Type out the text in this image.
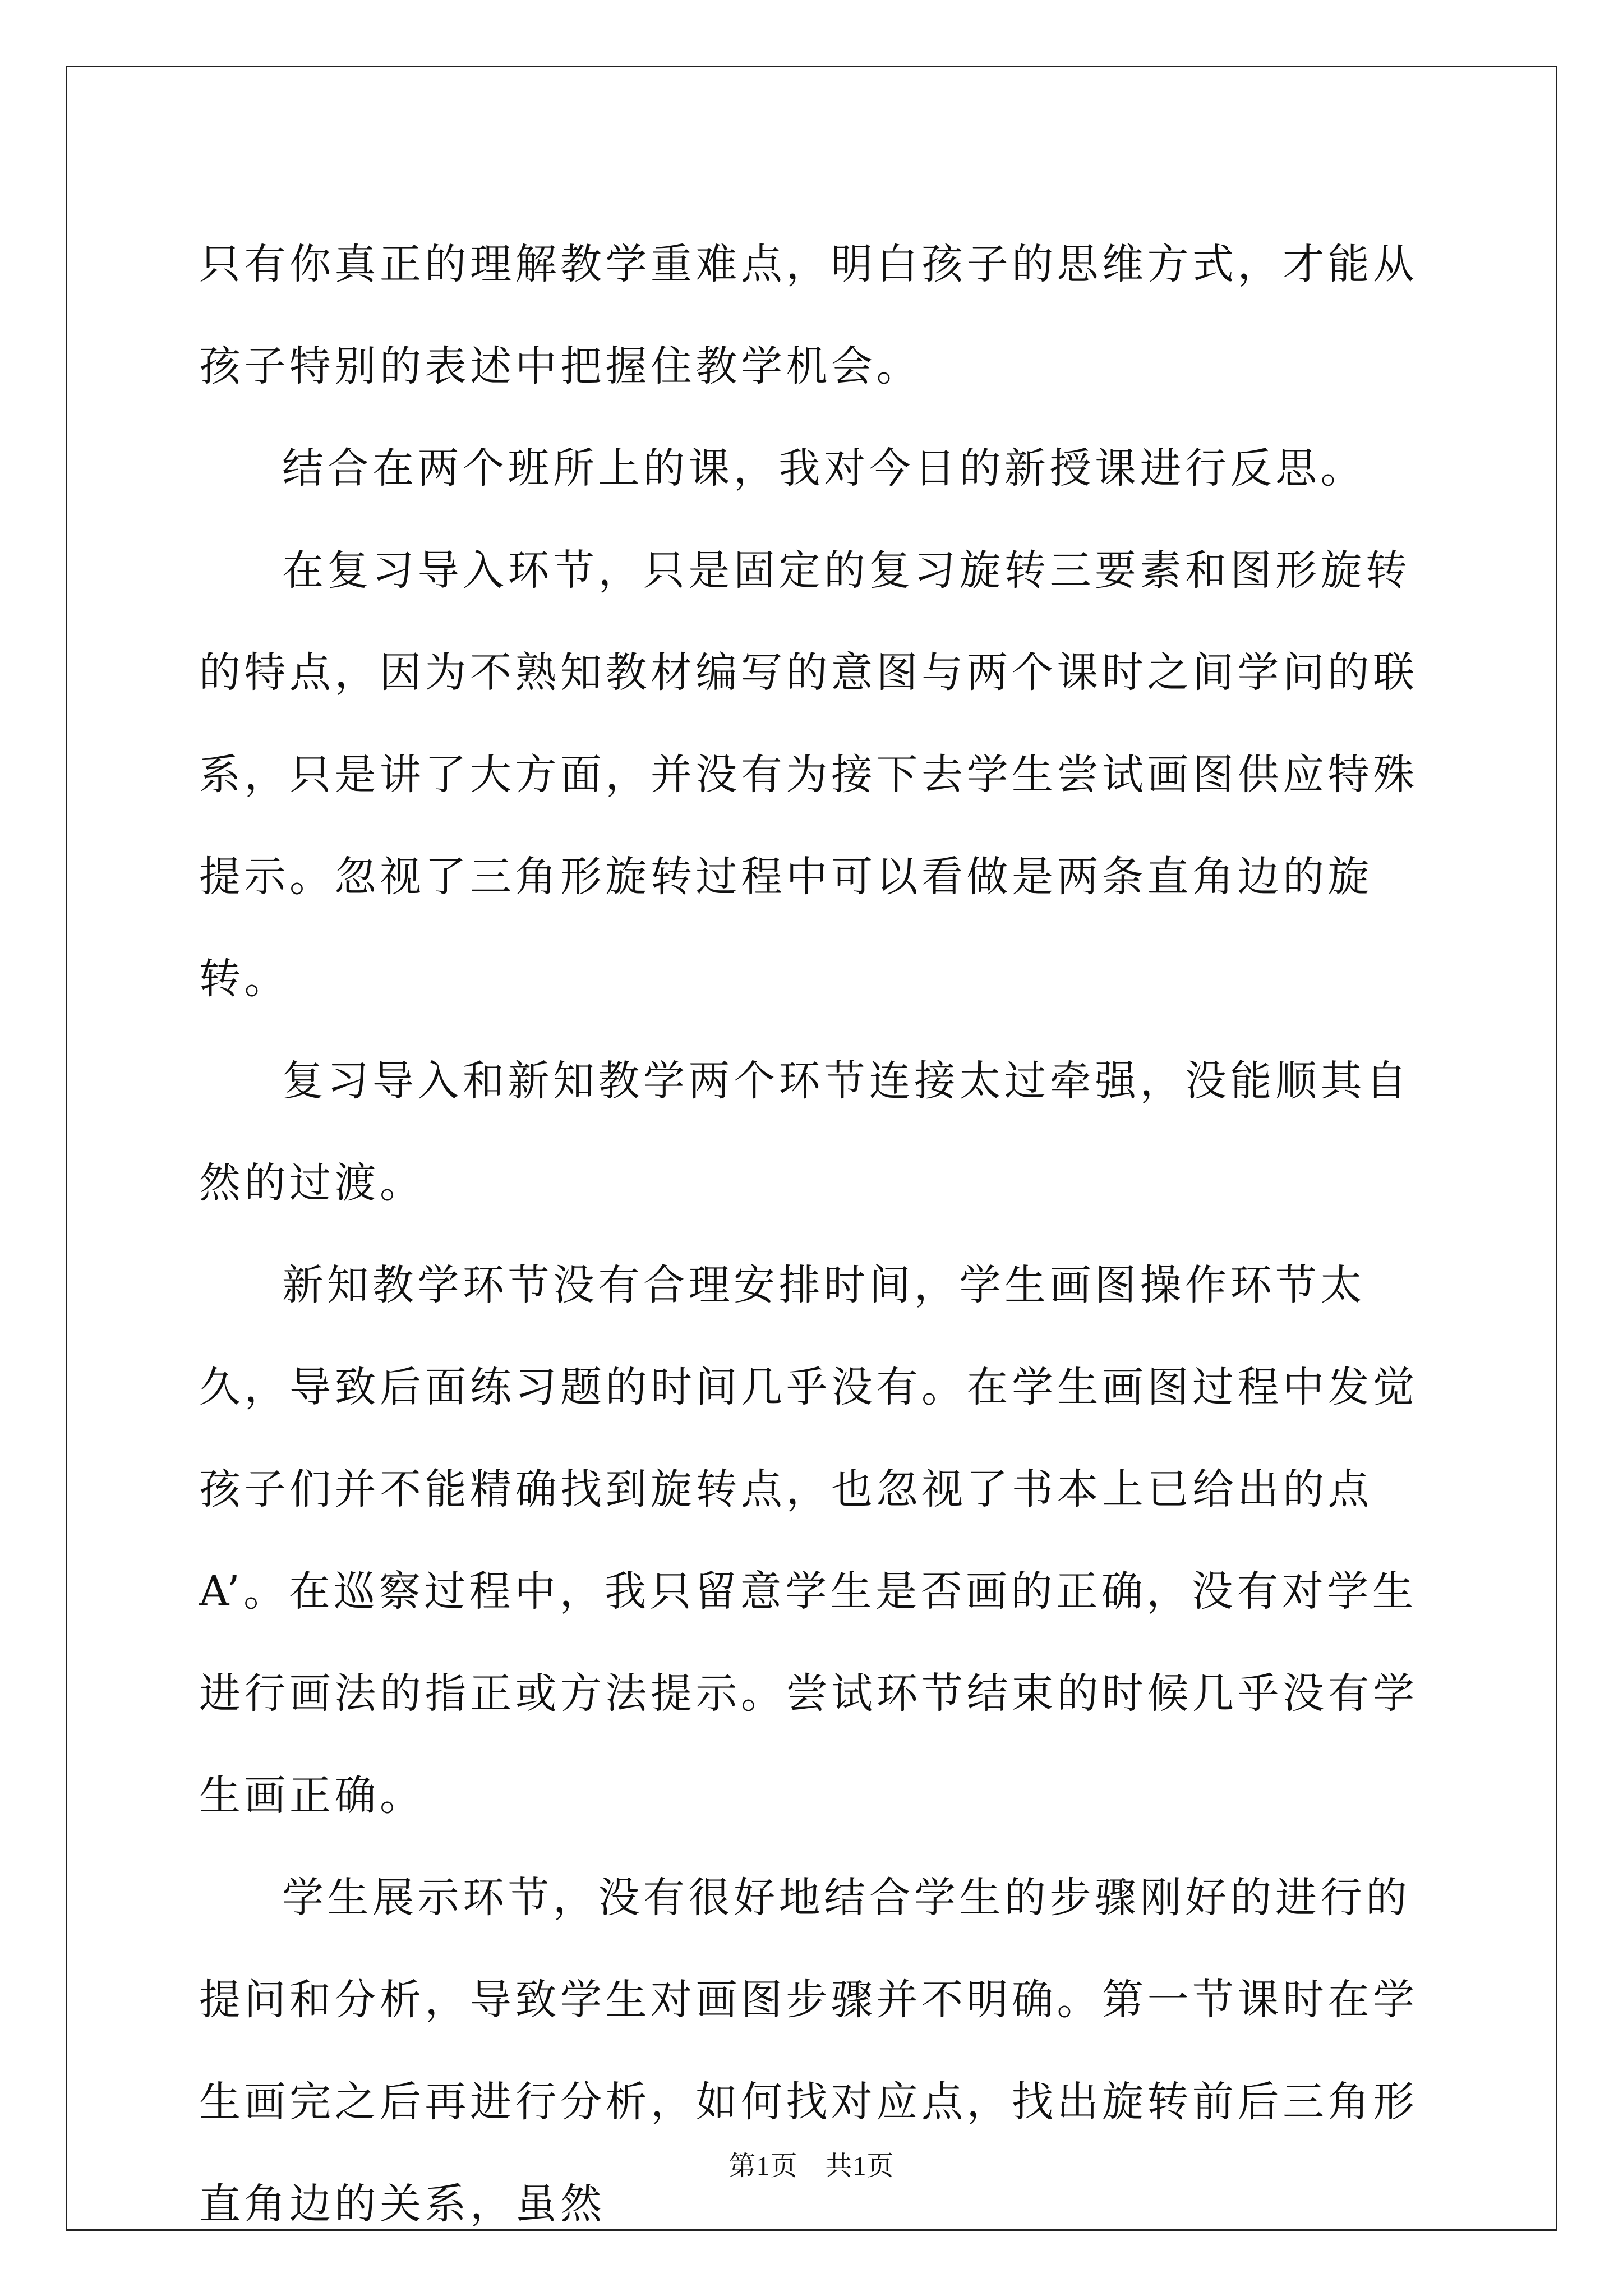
只有你真正的理解教学重难点，明白孩子的思维方式，才能从孩子特别的表述中把握住教学机会。

结合在两个班所上的课，我对今日的新授课进行反思。

在复习导入环节，只是固定的复习旋转三要素和图形旋转的特点，因为不熟知教材编写的意图与两个课时之间学问的联系，只是讲了大方面，并没有为接下去学生尝试画图供应特殊提示。忽视了三角形旋转过程中可以看做是两条直角边的旋转。

复习导入和新知教学两个环节连接太过牵强，没能顺其自然的过渡。

新知教学环节没有合理安排时间，学生画图操作环节太久，导致后面练习题的时间几乎没有。在学生画图过程中发觉孩子们并不能精确找到旋转点，也忽视了书本上已给出的点A’。在巡察过程中，我只留意学生是否画的正确，没有对学生进行画法的指正或方法提示。尝试环节结束的时候几乎没有学生画正确。

学生展示环节，没有很好地结合学生的步骤刚好的进行的提问和分析，导致学生对画图步骤并不明确。第一节课时在学生画完之后再进行分析，如何找对应点，找出旋转前后三角形直角边的关系，虽然

第1页　共1页
